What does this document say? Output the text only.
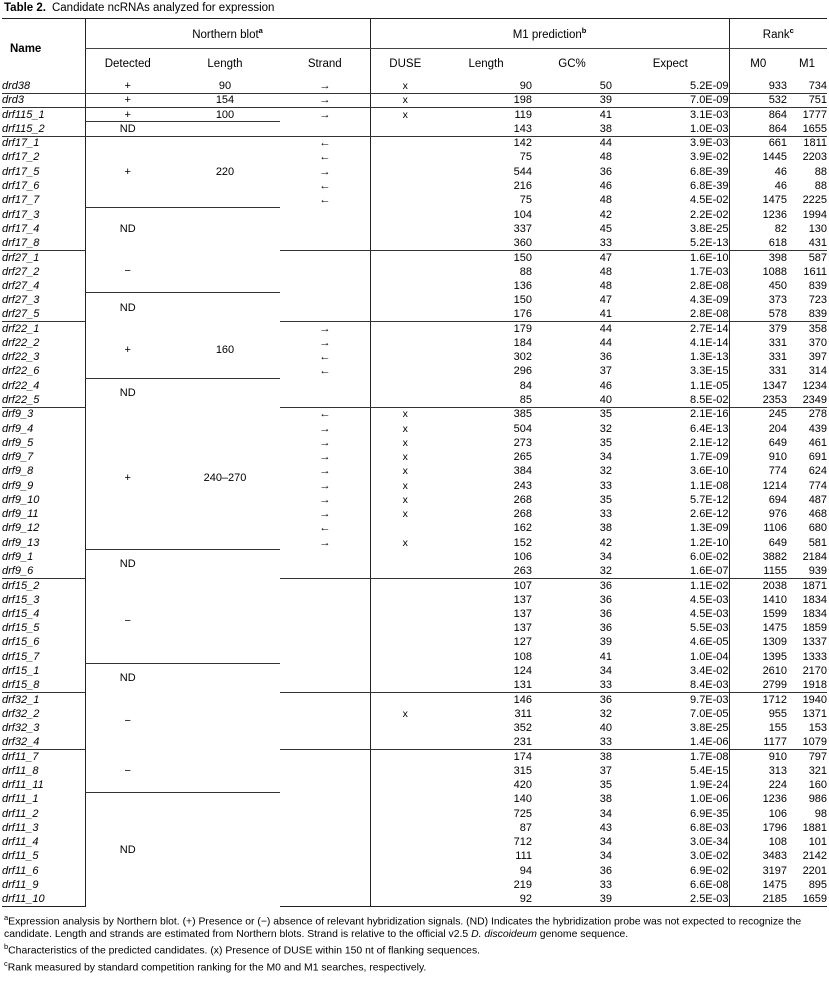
Table 2. Candidate ncRNAs analyzed for expression
Name	Northern blot$^a$			M1 prediction$^b$				Rank$^c$
	Detected	Length	Strand	DUSE	Length	GC%	Expect	M0	M1
drd38	+	90	→	x	90	50	5.2E-09	933	734
drd3	+	154	→	x	198	39	7.0E-09	532	751
drf115_1	+	100	→	x	119	41	3.1E-03	864	1777
drf115_2	ND				143	38	1.0E-03	864	1655
drf17_1	+	220	←		142	44	3.9E-03	661	1811
drf17_2			←		75	48	3.9E-02	1445	2203
drf17_5			→		544	36	6.8E-39	46	88
drf17_6			←		216	46	6.8E-39	46	88
drf17_7			←		75	48	4.5E-02	1475	2225
drf17_3	ND				104	42	2.2E-02	1236	1994
drf17_4					337	45	3.8E-25	82	130
drf17_8					360	33	5.2E-13	618	431
drf27_1	−				150	47	1.6E-10	398	587
drf27_2					88	48	1.7E-03	1088	1611
drf27_4					136	48	2.8E-08	450	839
drf27_3	ND				150	47	4.3E-09	373	723
drf27_5					176	41	2.8E-08	578	839
drf22_1	+	160	→		179	44	2.7E-14	379	358
drf22_2			→		184	44	4.1E-14	331	370
drf22_3			←		302	36	1.3E-13	331	397
drf22_6			←		296	37	3.3E-15	331	314
drf22_4	ND				84	46	1.1E-05	1347	1234
drf22_5					85	40	8.5E-02	2353	2349
drf9_3	+	240–270	←	x	385	35	2.1E-16	245	278
drf9_4			→	x	504	32	6.4E-13	204	439
drf9_5			→	x	273	35	2.1E-12	649	461
drf9_7			→	x	265	34	1.7E-09	910	691
drf9_8			→	x	384	32	3.6E-10	774	624
drf9_9			→	x	243	33	1.1E-08	1214	774
drf9_10			→	x	268	35	5.7E-12	694	487
drf9_11			→	x	268	33	2.6E-12	976	468
drf9_12			←		162	38	1.3E-09	1106	680
drf9_13			→	x	152	42	1.2E-10	649	581
drf9_1	ND				106	34	6.0E-02	3882	2184
drf9_6					263	32	1.6E-07	1155	939
drf15_2	−				107	36	1.1E-02	2038	1871
drf15_3					137	36	4.5E-03	1410	1834
drf15_4					137	36	4.5E-03	1599	1834
drf15_5					137	36	5.5E-03	1475	1859
drf15_6					127	39	4.6E-05	1309	1337
drf15_7					108	41	1.0E-04	1395	1333
drf15_1	ND				124	34	3.4E-02	2610	2170
drf15_8					131	33	8.4E-03	2799	1918
drf32_1	−				146	36	9.7E-03	1712	1940
drf32_2				x	311	32	7.0E-05	955	1371
drf32_3					352	40	3.8E-25	155	153
drf32_4					231	33	1.4E-06	1177	1079
drf11_7	−				174	38	1.7E-08	910	797
drf11_8					315	37	5.4E-15	313	321
drf11_11					420	35	1.9E-24	224	160
drf11_1	ND				140	38	1.0E-06	1236	986
drf11_2					725	34	6.9E-35	106	98
drf11_3					87	43	6.8E-03	1796	1881
drf11_4					712	34	3.0E-34	108	101
drf11_5					111	34	3.0E-02	3483	2142
drf11_6					94	36	6.9E-02	3197	2201
drf11_9					219	33	6.6E-08	1475	895
drf11_10					92	39	2.5E-03	2185	1659

$^a$Expression analysis by Northern blot. (+) Presence or (−) absence of relevant hybridization signals. (ND) Indicates the hybridization probe was not expected to recognize the candidate. Length and strands are estimated from Northern blots. Strand is relative to the official v2.5 D. discoideum genome sequence.

$^b$Characteristics of the predicted candidates. (x) Presence of DUSE within 150 nt of flanking sequences.

$^c$Rank measured by standard competition ranking for the M0 and M1 searches, respectively.
